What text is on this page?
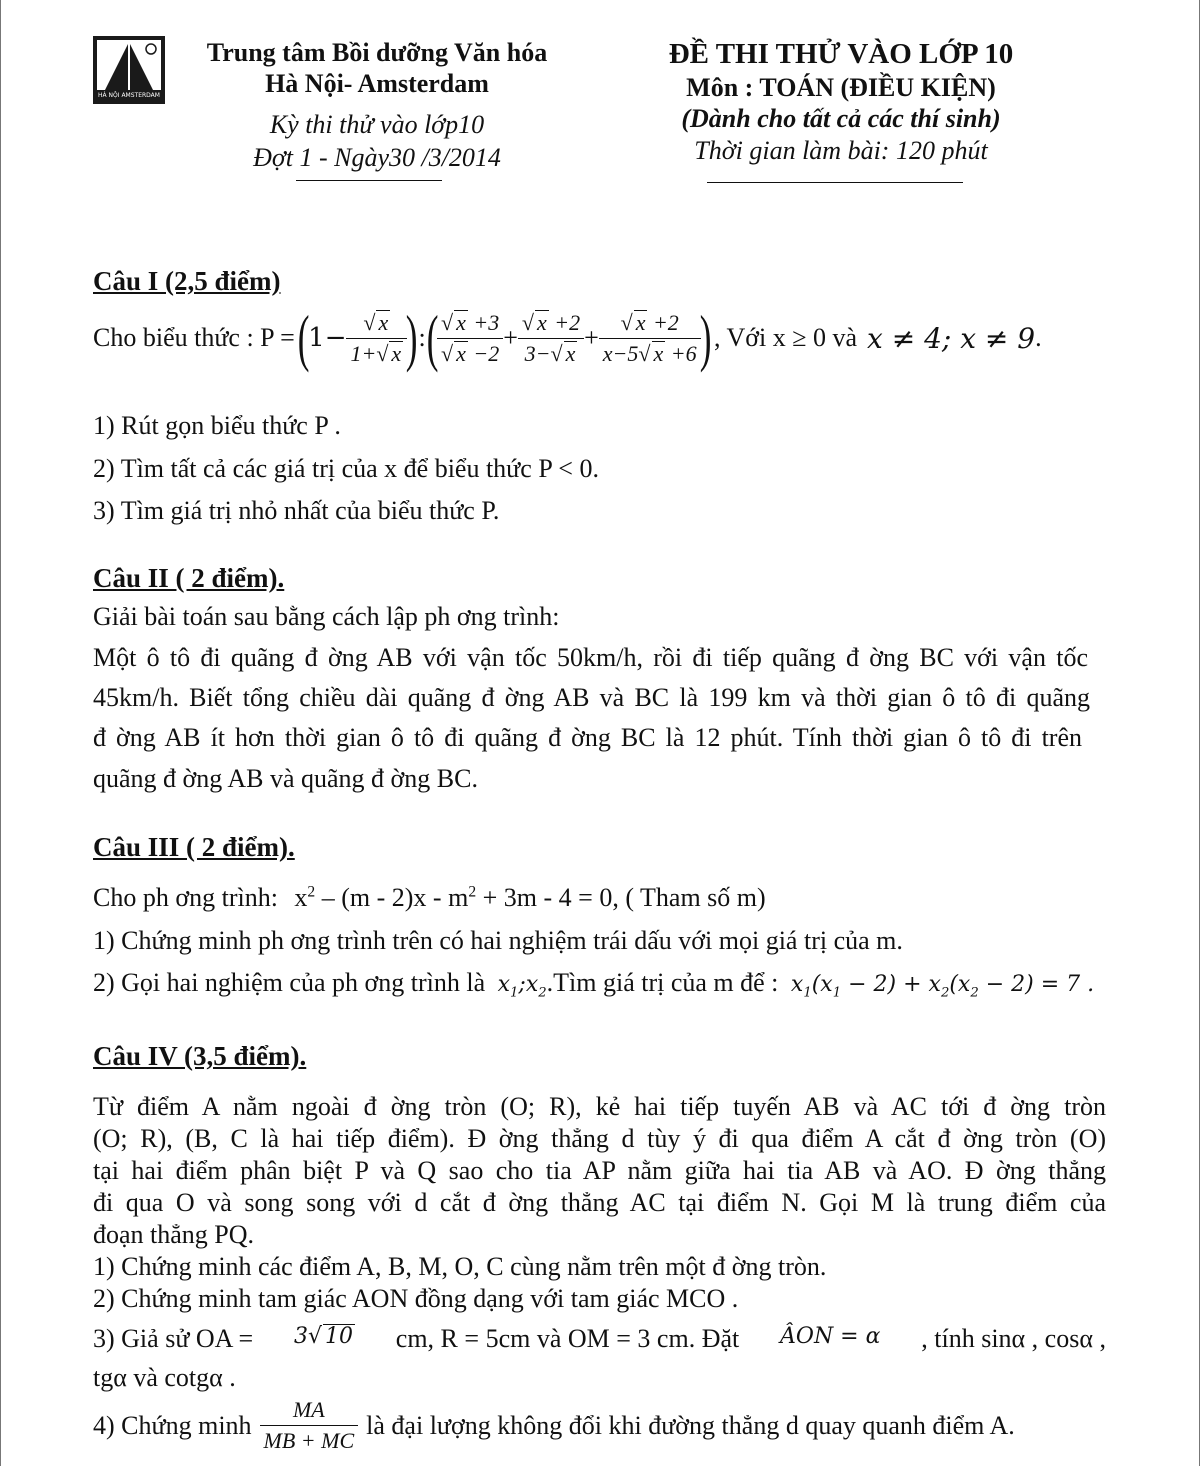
HÀ NỘI AMSTERDAM
Trung tâm Bồi dưỡng Văn hóa
Hà Nội- Amsterdam
Kỳ thi thử vào lớp10
Đợt 1 - Ngày30 /3/2014
ĐỀ THI THỬ VÀO LỚP 10
Môn : TOÁN (ĐIỀU KIỆN)
(Dành cho tất cả các thí sinh)
Thời gian làm bài: 120 phút
Câu I (2,5 điểm)
Cho biểu thức : P = (
$1- \frac{√ x}{1+√ x}$
) : (
$\frac{√ x +3}{√ x -2} + \frac{√ x +2}{3-√ x} + \frac{√ x +2}{x-5√ x +6}$
) , Với x ≥ 0 và x ≠ 4; x ≠ 9 .
1) Rút gọn biểu thức P .
2) Tìm tất cả các giá trị của x để biểu thức P < 0.
3) Tìm giá trị nhỏ nhất của biểu thức P.
Câu II ( 2 điểm).
Giải bài toán sau bằng cách lập ph ơng trình:
Một ô tô đi quãng đ ờng AB với vận tốc 50km/h, rồi đi tiếp quãng đ ờng BC với vận tốc
45km/h. Biết tổng chiều dài quãng đ ờng AB và BC là 199 km và thời gian ô tô đi quãng
đ ờng AB ít hơn thời gian ô tô đi quãng đ ờng BC là 12 phút. Tính thời gian ô tô đi trên
quãng đ ờng AB và quãng đ ờng BC.
Câu III ( 2 điểm).
Cho ph ơng trình: $x^2 - (m - 2)x - m^2 + 3m - 4 = 0$, ( Tham số m)
1) Chứng minh ph ơng trình trên có hai nghiệm trái dấu với mọi giá trị của m.
2) Gọi hai nghiệm của ph ơng trình là $x_1;x_2.Tìm$ giá trị của m để : $x_1(x_1 - 2) + x_2(x_2 - 2) = 7$ .
Câu IV (3,5 điểm).
Từ điểm A nằm ngoài đ ờng tròn (O; R), kẻ hai tiếp tuyến AB và AC tới đ ờng tròn
(O; R), (B, C là hai tiếp điểm). Đ ờng thẳng d tùy ý đi qua điểm A cắt đ ờng tròn (O)
tại hai điểm phân biệt P và Q sao cho tia AP nằm giữa hai tia AB và AO. Đ ờng thẳng
đi qua O và song song với d cắt đ ờng thẳng AC tại điểm N. Gọi M là trung điểm của
đoạn thẳng PQ.
1) Chứng minh các điểm A, B, M, O, C cùng nằm trên một đ ờng tròn.
2) Chứng minh tam giác AON đồng dạng với tam giác MCO .
3) Giả sử OA = 3√ 10 cm, R = 5cm và OM = 3 cm. Đặt ÂON = α , tính sinα , cosα ,
tgα và cotgα .
4) Chứng minh $\frac{MA}{MB + MC}$ là đại lượng không đổi khi đường thẳng d quay quanh điểm A.
